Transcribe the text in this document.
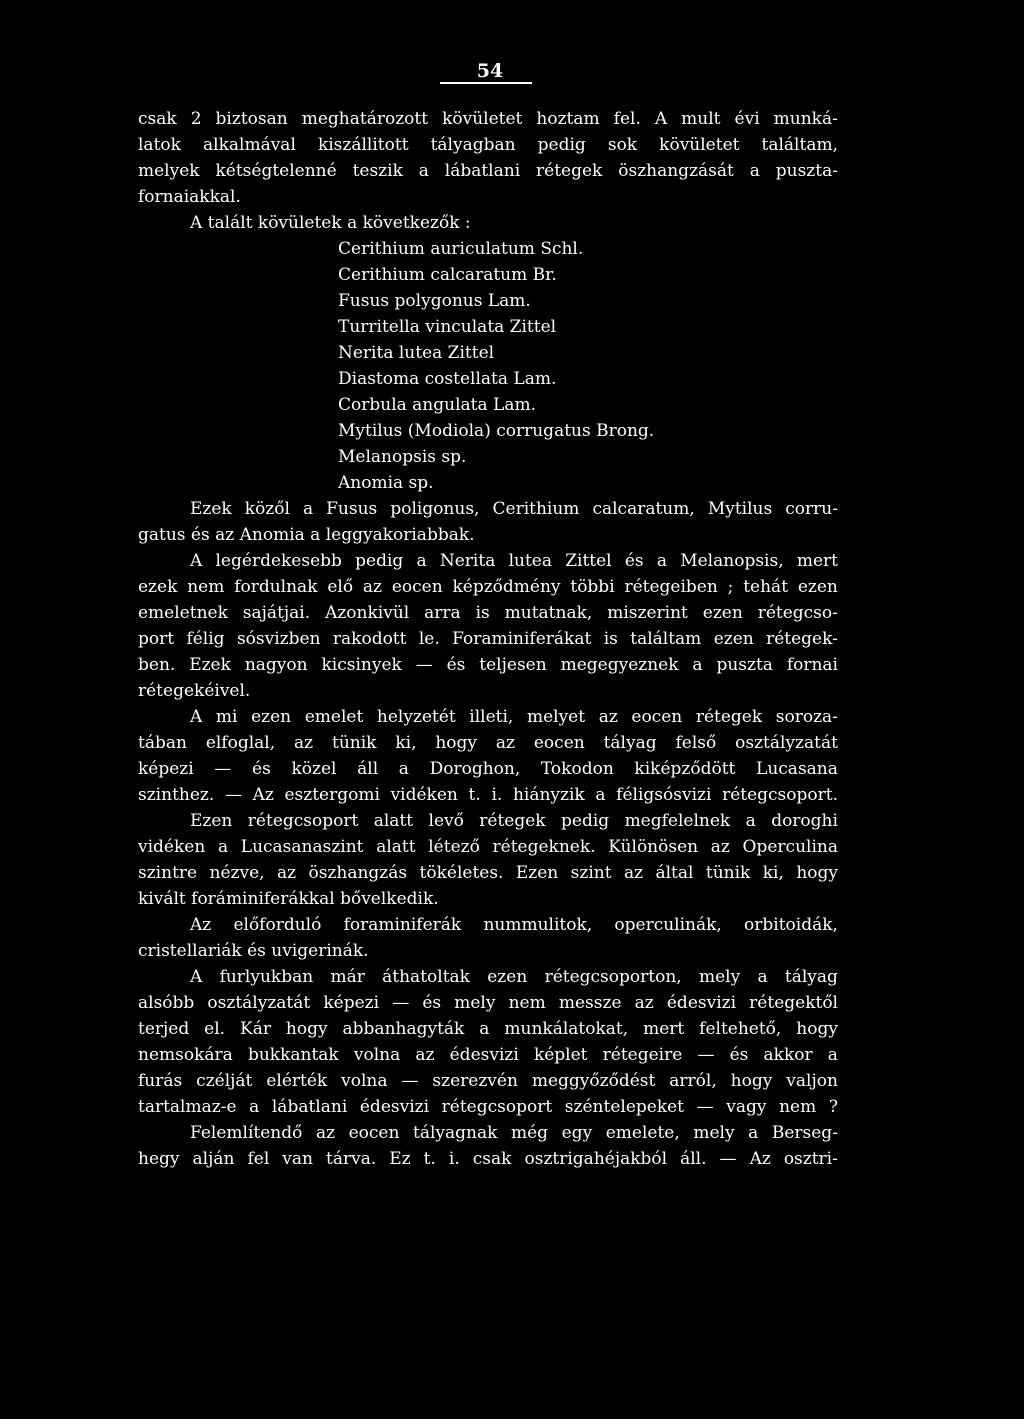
54
csak 2 biztosan meghatározott kövületet hoztam fel. A mult évi munká-
latok alkalmával kiszállitott tályagban pedig sok kövületet találtam,
melyek kétségtelenné teszik a lábatlani rétegek öszhangzását a puszta-
fornaiakkal.
A talált kövületek a következők :
Cerithium auriculatum Schl.
Cerithium calcaratum Br.
Fusus polygonus Lam.
Turritella vinculata Zittel
Nerita lutea Zittel
Diastoma costellata Lam.
Corbula angulata Lam.
Mytilus (Modiola) corrugatus Brong.
Melanopsis sp.
Anomia sp.
Ezek közől a Fusus poligonus, Cerithium calcaratum, Mytilus corru-
gatus és az Anomia a leggyakoriabbak.
A legérdekesebb pedig a Nerita lutea Zittel és a Melanopsis, mert
ezek nem fordulnak elő az eocen képződmény többi rétegeiben ; tehát ezen
emeletnek sajátjai. Azonkivül arra is mutatnak, miszerint ezen rétegcso-
port félig sósvizben rakodott le. Foraminiferákat is találtam ezen rétegek-
ben. Ezek nagyon kicsinyek — és teljesen megegyeznek a puszta fornai
rétegekéivel.
A mi ezen emelet helyzetét illeti, melyet az eocen rétegek soroza-
tában elfoglal, az tünik ki, hogy az eocen tályag felső osztályzatát
képezi — és közel áll a Doroghon, Tokodon kiképződött Lucasana
szinthez. — Az esztergomi vidéken t. i. hiányzik a féligsósvizi rétegcsoport.
Ezen rétegcsoport alatt levő rétegek pedig megfelelnek a doroghi
vidéken a Lucasanaszint alatt létező rétegeknek. Különösen az Operculina
szintre nézve, az öszhangzás tökéletes. Ezen szint az által tünik ki, hogy
kivált foráminiferákkal bővelkedik.
Az előforduló foraminiferák nummulitok, operculinák, orbitoidák,
cristellariák és uvigerinák.
A furlyukban már áthatoltak ezen rétegcsoporton, mely a tályag
alsóbb osztályzatát képezi — és mely nem messze az édesvizi rétegektől
terjed el. Kár hogy abbanhagyták a munkálatokat, mert feltehető, hogy
nemsokára bukkantak volna az édesvizi képlet rétegeire — és akkor a
furás czélját elérték volna — szerezvén meggyőződést arról, hogy valjon
tartalmaz-e a lábatlani édesvizi rétegcsoport széntelepeket — vagy nem ?
Felemlítendő az eocen tályagnak még egy emelete, mely a Berseg-
hegy alján fel van tárva. Ez t. i. csak osztrigahéjakból áll. — Az osztri-
